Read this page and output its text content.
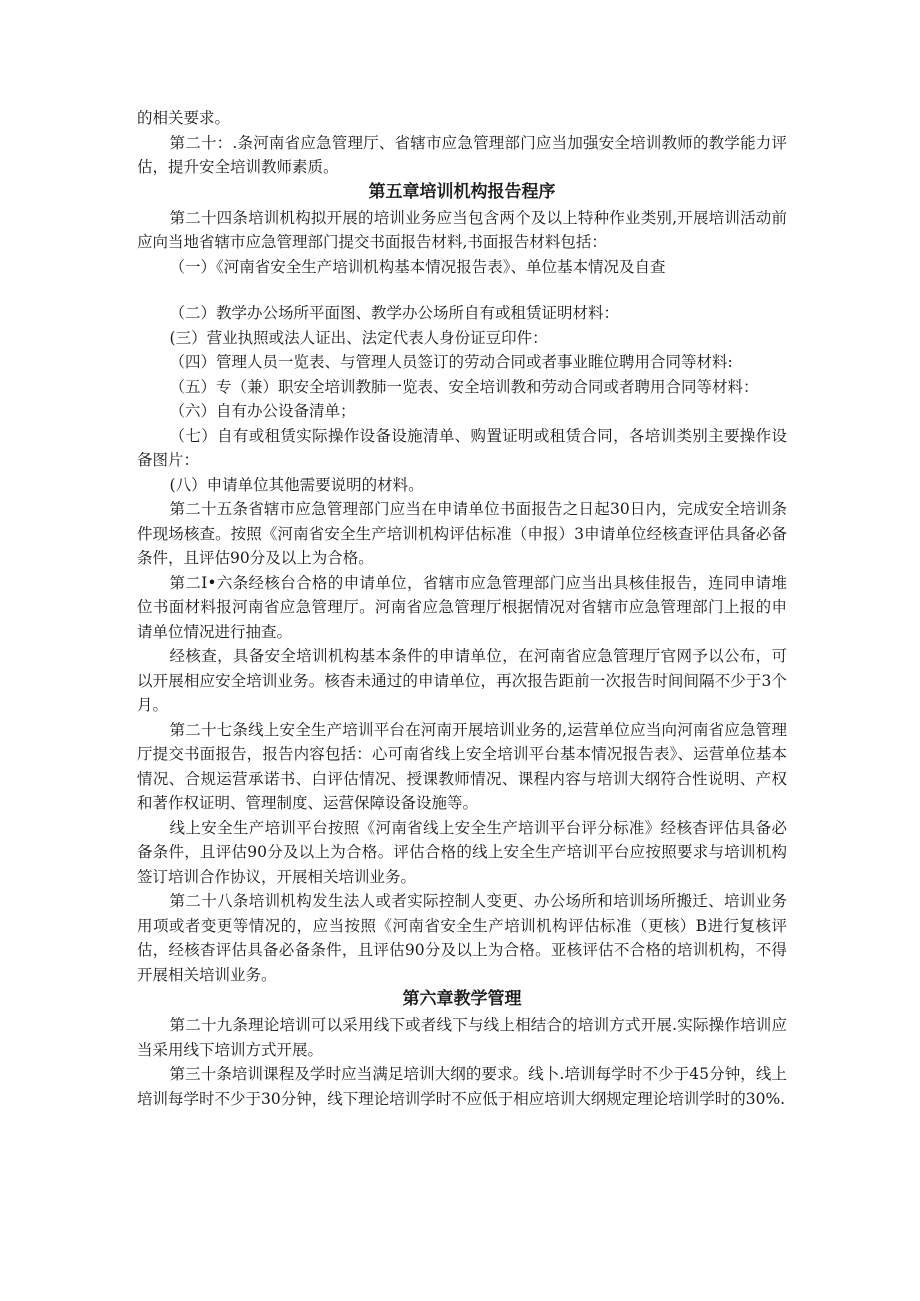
的相关要求。

第二十：.条河南省应急管理厅、省辖市应急管理部门应当加强安全培训教师的教学能力评估，提升安全培训教师素质。

第五章培训机构报告程序

第二十四条培训机构拟开展的培训业务应当包含两个及以上特种作业类别,开展培训活动前应向当地省辖市应急管理部门提交书面报告材料,书面报告材料包括：

（一）《河南省安全生产培训机构基本情况报告表》、单位基本情况及自查

（二）教学办公场所平面图、教学办公场所自有或租赁证明材料：

(三）营业执照或法人证出、法定代表人身份证豆印件：

（四）管理人员一览表、与管理人员签订的劳动合同或者事业睢位聘用合同等材料:

（五）专（兼）职安全培训教肺一览表、安全培训教和劳动合同或者聘用合同等材料：

（六）自有办公设备清单；

（七）自有或租赁实际操作设备设施清单、购置证明或租赁合同，各培训类别主要操作设备图片：

(八）申请单位其他需要说明的材料。

第二十五条省辖市应急管理部门应当在申请单位书面报告之日起30日内，完成安全培训条件现场核查。按照《河南省安全生产培训机构评估标准（申报）3申请单位经核查评估具备必备条件，且评估90分及以上为合格。

第二I•六条经核台合格的申请单位，省辖市应急管理部门应当出具核佳报告，连同申请堆位书面材料报河南省应急管理厅。河南省应急管理厅根据情况对省辖市应急管理部门上报的申请单位情况进行抽查。

经核查，具备安全培训机构基本条件的申请单位，在河南省应急管理厅官网予以公布，可以开展相应安全培训业务。核杳未通过的申请单位，再次报告距前一次报告时间间隔不少于3个月。

第二十七条线上安全生产培训平台在河南开展培训业务的,运营单位应当向河南省应急管理厅提交书面报告，报告内容包括：心可南省线上安全培训平台基本情况报告表》、运营单位基本情况、合规运营承诺书、白评估情况、授课教师情况、课程内容与培训大纲符合性说明、产权和著作权证明、管理制度、运营保障设备设施等。

线上安全生产培训平台按照《河南省线上安全生产培训平台评分标准》经核杳评估具备必备条件，且评估90分及以上为合格。评估合格的线上安全生产培训平台应按照要求与培训机构签订培训合作协议，开展相关培训业务。

第二十八条培训机构发生法人或者实际控制人变更、办公场所和培训场所搬迁、培训业务用项或者变更等情况的，应当按照《河南省安全生产培训机构评估标准（更核）B进行复核评估，经核杳评估具备必备条件，且评估90分及以上为合格。亚核评估不合格的培训机构，不得开展相关培训业务。

第六章教学管理

第二十九条理论培训可以采用线下或者线下与线上相结合的培训方式开展.实际操作培训应当采用线下培训方式开展。

第三十条培训课程及学时应当满足培训大纲的要求。线卜.培训每学时不少于45分钟，线上培训每学时不少于30分钟，线下理论培训学时不应低于相应培训大纲规定理论培训学时的30%.
